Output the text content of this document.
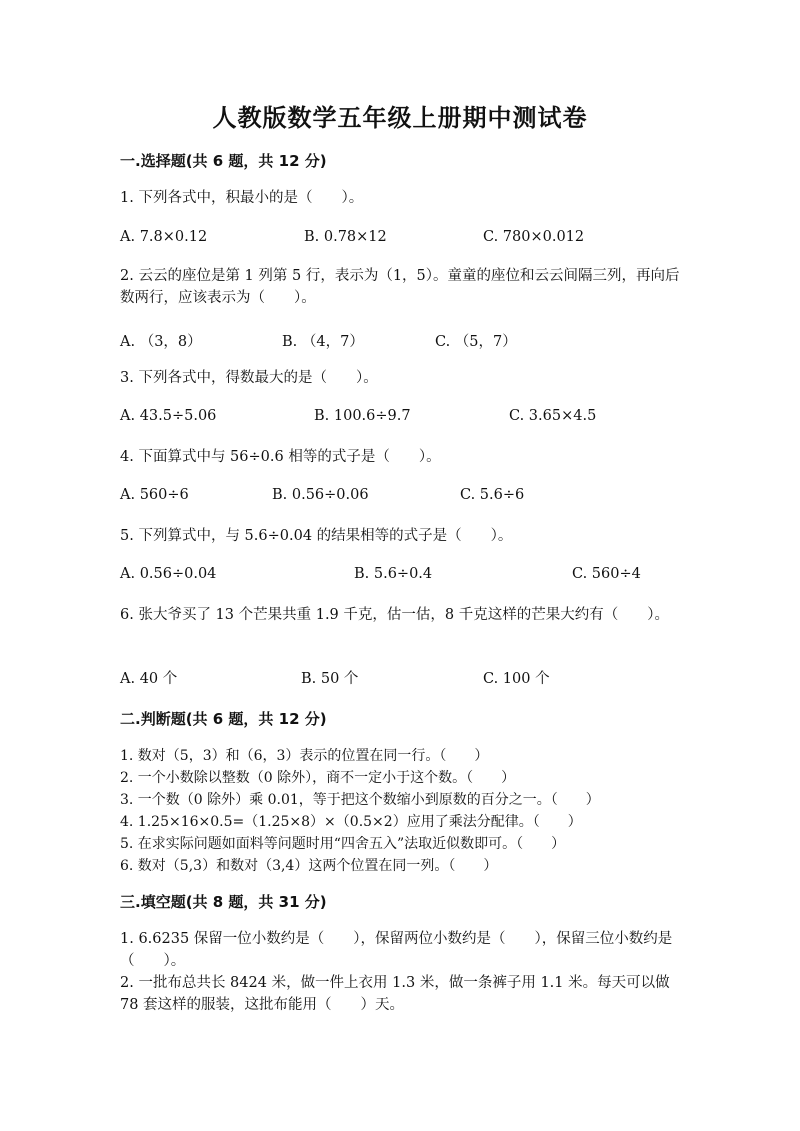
人教版数学五年级上册期中测试卷
一.选择题(共 6 题，共 12 分)
1. 下列各式中，积最小的是（　　）。
A. 7.8×0.12	B. 0.78×12	C. 780×0.012
2. 云云的座位是第 1 列第 5 行，表示为（1，5）。童童的座位和云云间隔三列，再向后数两行，应该表示为（　　）。
A. （3，8）	B. （4，7）	C. （5，7）
3. 下列各式中，得数最大的是（　　）。
A. 43.5÷5.06	B. 100.6÷9.7	C. 3.65×4.5
4. 下面算式中与 56÷0.6 相等的式子是（　　）。
A. 560÷6	B. 0.56÷0.06	C. 5.6÷6
5. 下列算式中，与 5.6÷0.04 的结果相等的式子是（　　）。
A. 0.56÷0.04	B. 5.6÷0.4	C. 560÷4
6. 张大爷买了 13 个芒果共重 1.9 千克，估一估，8 千克这样的芒果大约有（　　）。
A. 40 个	B. 50 个	C. 100 个
二.判断题(共 6 题，共 12 分)
1. 数对（5，3）和（6，3）表示的位置在同一行。（　　）
2. 一个小数除以整数（0 除外），商不一定小于这个数。（　　）
3. 一个数（0 除外）乘 0.01，等于把这个数缩小到原数的百分之一。（　　）
4. 1.25×16×0.5=（1.25×8）×（0.5×2）应用了乘法分配律。（　　）
5. 在求实际问题如面料等问题时用“四舍五入”法取近似数即可。（　　）
6. 数对（5,3）和数对（3,4）这两个位置在同一列。（　　）
三.填空题(共 8 题，共 31 分)
1. 6.6235 保留一位小数约是（　　），保留两位小数约是（　　），保留三位小数约是（　　）。
2. 一批布总共长 8424 米，做一件上衣用 1.3 米，做一条裤子用 1.1 米。每天可以做 78 套这样的服装，这批布能用（　　）天。
